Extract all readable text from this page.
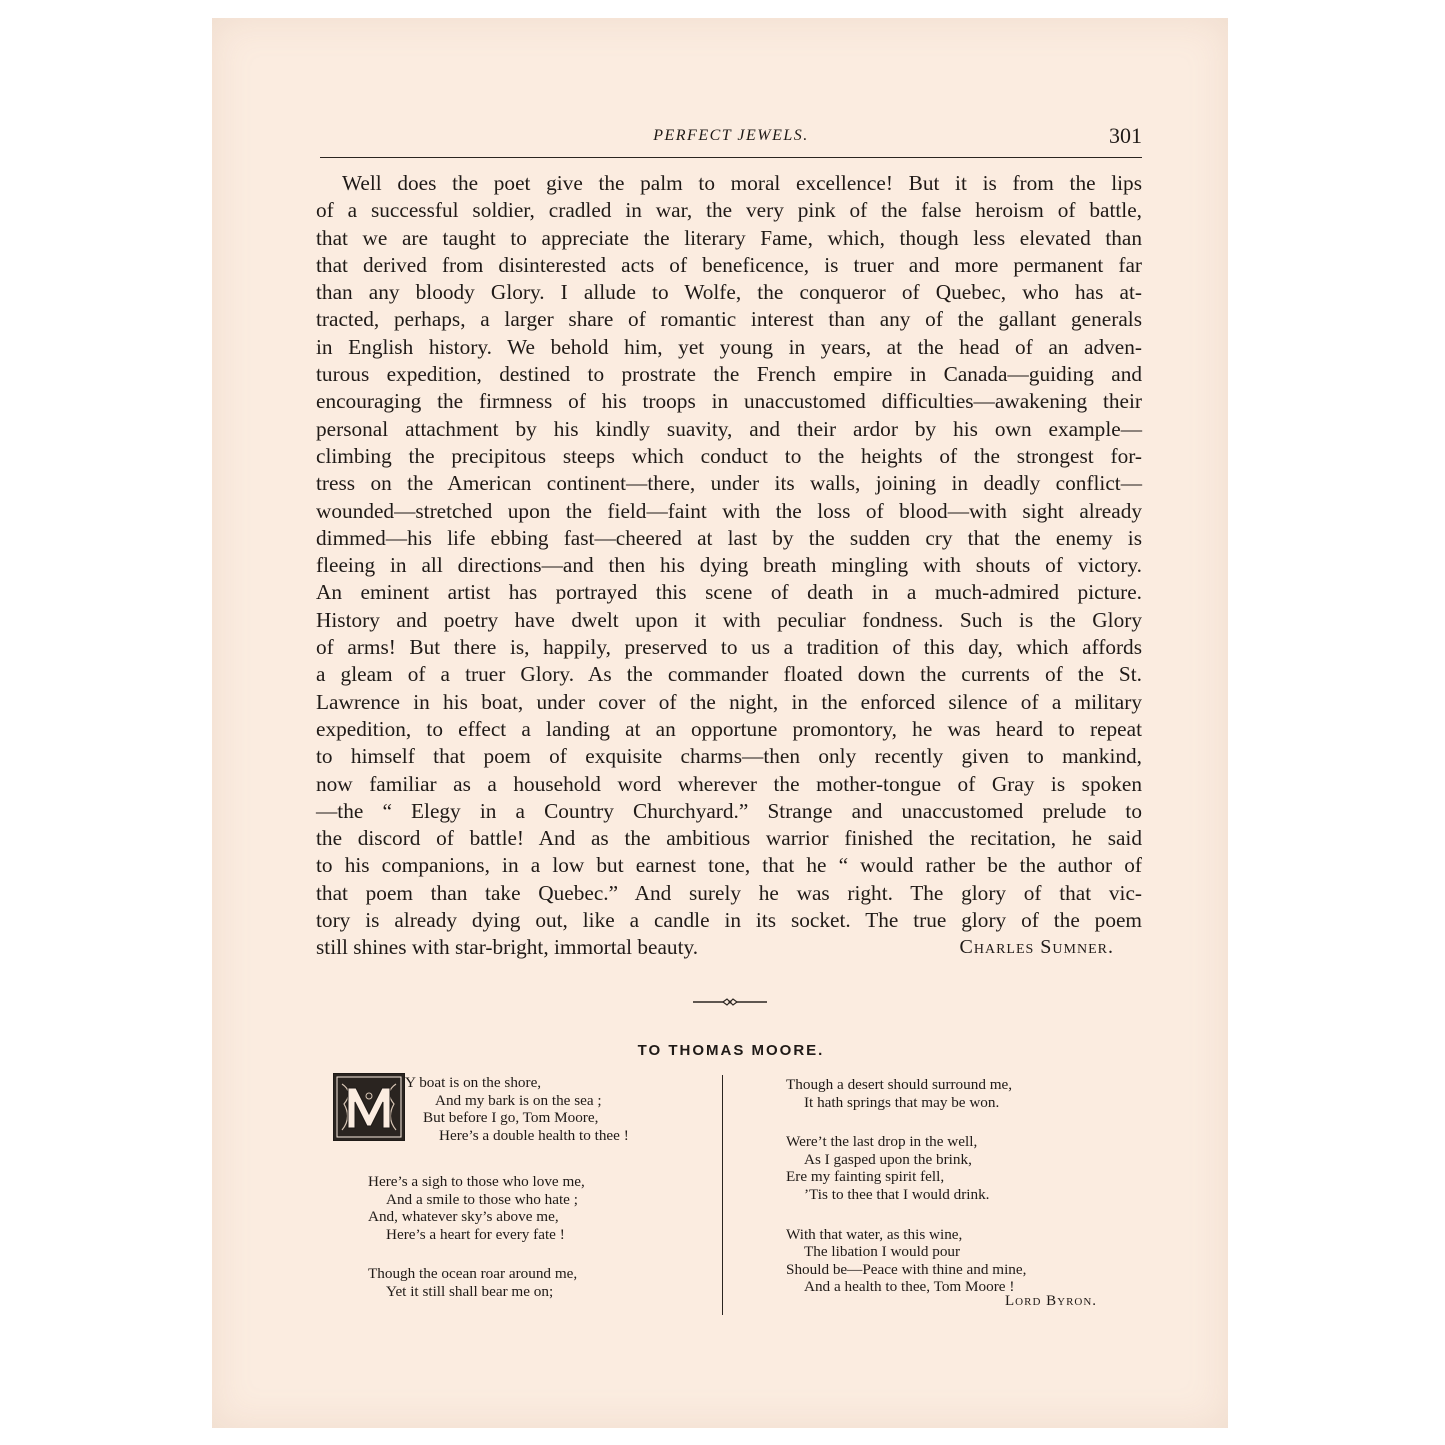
PERFECT JEWELS.	301
Well does the poet give the palm to moral excellence! But it is from the lips
of a successful soldier, cradled in war, the very pink of the false heroism of battle,
that we are taught to appreciate the literary Fame, which, though less elevated than
that derived from disinterested acts of beneficence, is truer and more permanent far
than any bloody Glory. I allude to Wolfe, the conqueror of Quebec, who has at-
tracted, perhaps, a larger share of romantic interest than any of the gallant generals
in English history. We behold him, yet young in years, at the head of an adven-
turous expedition, destined to prostrate the French empire in Canada—guiding and
encouraging the firmness of his troops in unaccustomed difficulties—awakening their
personal attachment by his kindly suavity, and their ardor by his own example—
climbing the precipitous steeps which conduct to the heights of the strongest for-
tress on the American continent—there, under its walls, joining in deadly conflict—
wounded—stretched upon the field—faint with the loss of blood—with sight already
dimmed—his life ebbing fast—cheered at last by the sudden cry that the enemy is
fleeing in all directions—and then his dying breath mingling with shouts of victory.
An eminent artist has portrayed this scene of death in a much-admired picture.
History and poetry have dwelt upon it with peculiar fondness. Such is the Glory
of arms! But there is, happily, preserved to us a tradition of this day, which affords
a gleam of a truer Glory. As the commander floated down the currents of the St.
Lawrence in his boat, under cover of the night, in the enforced silence of a military
expedition, to effect a landing at an opportune promontory, he was heard to repeat
to himself that poem of exquisite charms—then only recently given to mankind,
now familiar as a household word wherever the mother-tongue of Gray is spoken
—the “ Elegy in a Country Churchyard.” Strange and unaccustomed prelude to
the discord of battle! And as the ambitious warrior finished the recitation, he said
to his companions, in a low but earnest tone, that he “ would rather be the author of
that poem than take Quebec.” And surely he was right. The glory of that vic-
tory is already dying out, like a candle in its socket. The true glory of the poem
still shines with star-bright, immortal beauty.	Charles Sumner.
TO THOMAS MOORE.
Y boat is on the shore,
And my bark is on the sea ;
But before I go, Tom Moore,
Here’s a double health to thee !
Here’s a sigh to those who love me,
And a smile to those who hate ;
And, whatever sky’s above me,
Here’s a heart for every fate !
Though the ocean roar around me,
Yet it still shall bear me on;
Though a desert should surround me,
It hath springs that may be won.
Were’t the last drop in the well,
As I gasped upon the brink,
Ere my fainting spirit fell,
’Tis to thee that I would drink.
With that water, as this wine,
The libation I would pour
Should be—Peace with thine and mine,
And a health to thee, Tom Moore !
Lord Byron.
